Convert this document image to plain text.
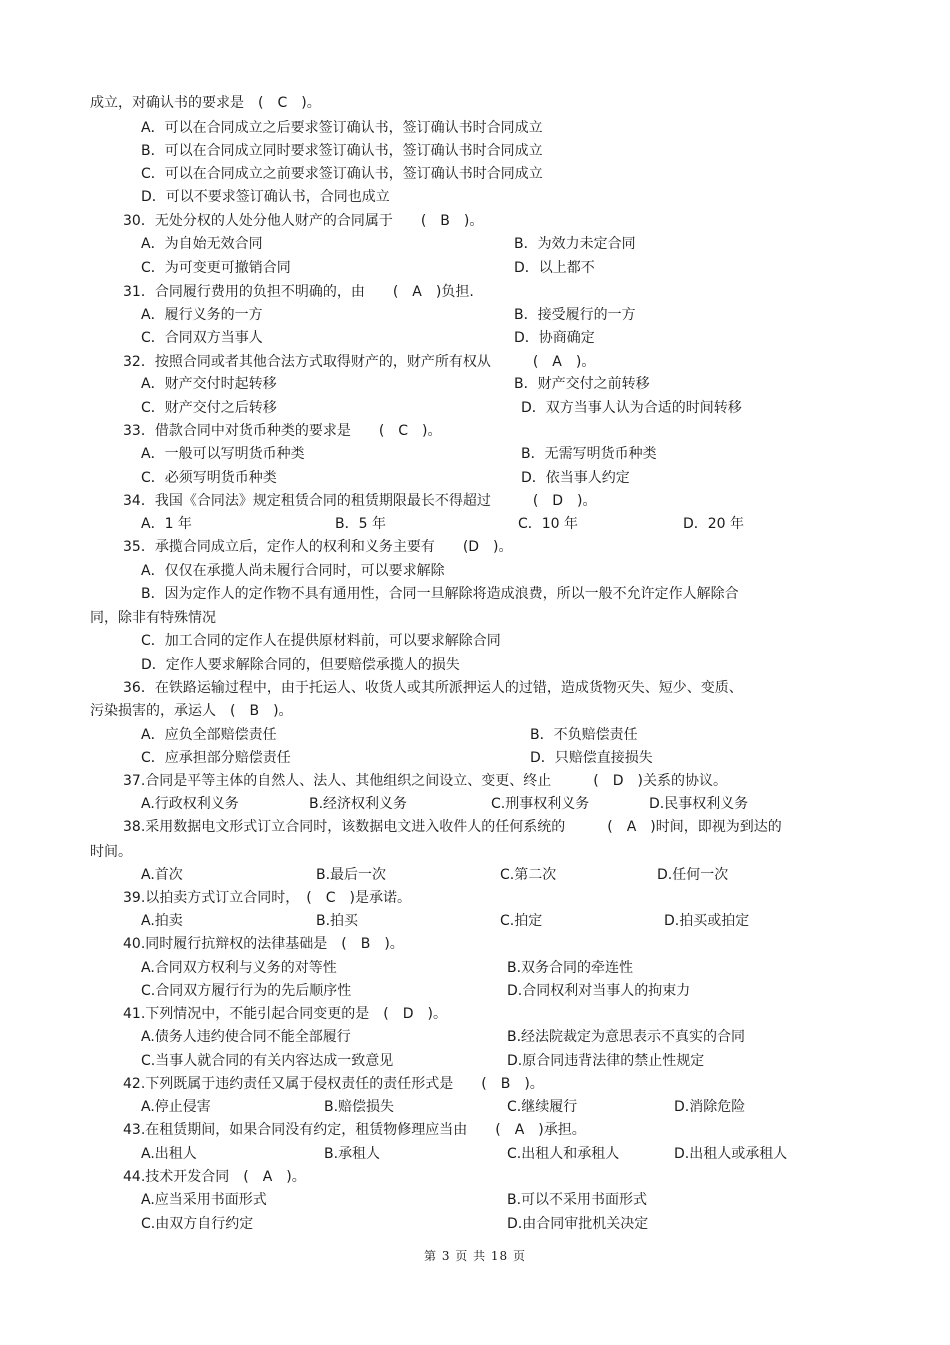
成立，对确认书的要求是　(　C　)。
A．可以在合同成立之后要求签订确认书，签订确认书时合同成立
B．可以在合同成立同时要求签订确认书，签订确认书时合同成立
C．可以在合同成立之前要求签订确认书，签订确认书时合同成立
D．可以不要求签订确认书，合同也成立
30．无处分权的人处分他人财产的合同属于　　(　B　)。
A．为自始无效合同	B．为效力未定合同
C．为可变更可撤销合同	D．以上都不
31．合同履行费用的负担不明确的，由　　(　A　)负担.
A．履行义务的一方	B．接受履行的一方
C．合同双方当事人	D．协商确定
32．按照合同或者其他合法方式取得财产的，财产所有权从　　　(　A　)。
A．财产交付时起转移	B．财产交付之前转移
C．财产交付之后转移	D．双方当事人认为合适的时间转移
33．借款合同中对货币种类的要求是　　(　C　)。
A．一般可以写明货币种类	B．无需写明货币种类
C．必须写明货币种类	D．依当事人约定
34．我国《合同法》规定租赁合同的租赁期限最长不得超过　　　(　D　)。
A．1 年	B．5 年	C．10 年	D．20 年
35．承揽合同成立后，定作人的权利和义务主要有　　(D　)。
A．仅仅在承揽人尚未履行合同时，可以要求解除
B．因为定作人的定作物不具有通用性，合同一旦解除将造成浪费，所以一般不允许定作人解除合
同，除非有特殊情况
C．加工合同的定作人在提供原材料前，可以要求解除合同
D．定作人要求解除合同的，但要赔偿承揽人的损失
36．在铁路运输过程中，由于托运人、收货人或其所派押运人的过错，造成货物灭失、短少、变质、
污染损害的，承运人　(　B　)。
A．应负全部赔偿责任	B．不负赔偿责任
C．应承担部分赔偿责任	D．只赔偿直接损失
37.合同是平等主体的自然人、法人、其他组织之间设立、变更、终止　　　(　D　)关系的协议。
A.行政权利义务	B.经济权利义务	C.刑事权利义务	D.民事权利义务
38.采用数据电文形式订立合同时，该数据电文进入收件人的任何系统的　　　(　A　)时间，即视为到达的
时间。
A.首次	B.最后一次	C.第二次	D.任何一次
39.以拍卖方式订立合同时，　(　C　)是承诺。
A.拍卖	B.拍买	C.拍定	D.拍买或拍定
40.同时履行抗辩权的法律基础是　(　B　)。
A.合同双方权利与义务的对等性	B.双务合同的牵连性
C.合同双方履行行为的先后顺序性	D.合同权利对当事人的拘束力
41.下列情况中，不能引起合同变更的是　(　D　)。
A.债务人违约使合同不能全部履行	B.经法院裁定为意思表示不真实的合同
C.当事人就合同的有关内容达成一致意见	D.原合同违背法律的禁止性规定
42.下列既属于违约责任又属于侵权责任的责任形式是　　(　B　)。
A.停止侵害	B.赔偿损失	C.继续履行	D.消除危险
43.在租赁期间，如果合同没有约定，租赁物修理应当由　　(　A　)承担。
A.出租人	B.承租人	C.出租人和承租人	D.出租人或承租人
44.技术开发合同　(　A　)。
A.应当采用书面形式	B.可以不采用书面形式
C.由双方自行约定	D.由合同审批机关决定
第 3 页 共 18 页
